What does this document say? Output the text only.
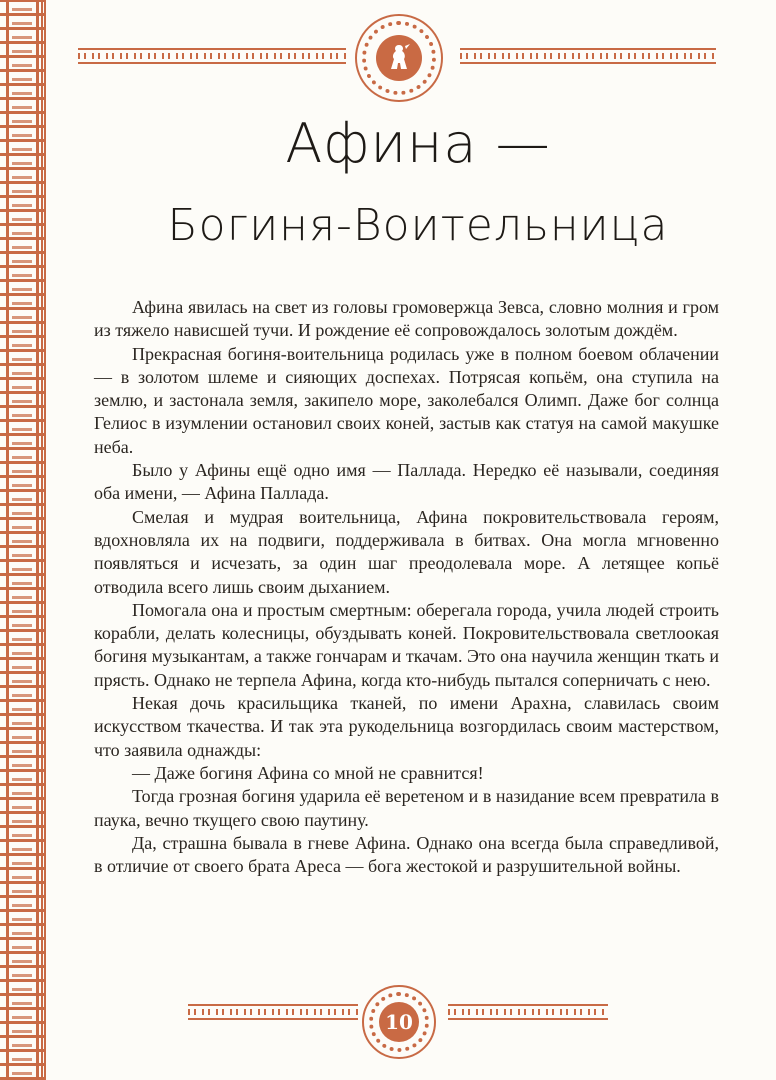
Афина —
Богиня-Воительница

Афина явилась на свет из головы громовержца Зевса, словно молния и гром из тяжело нависшей тучи. И рождение её сопровождалось золотым дождём.

Прекрасная богиня-воительница родилась уже в полном боевом облачении — в золотом шлеме и сияющих доспехах. Потрясая копьём, она ступила на землю, и застонала земля, закипело море, заколебался Олимп. Даже бог солнца Гелиос в изумлении остановил своих коней, застыв как статуя на самой макушке неба.

Было у Афины ещё одно имя — Паллада. Нередко её называли, соединяя оба имени, — Афина Паллада.

Смелая и мудрая воительница, Афина покровительствовала героям, вдохновляла их на подвиги, поддерживала в битвах. Она могла мгновенно появляться и исчезать, за один шаг преодолевала море. А летящее копьё отводила всего лишь своим дыханием.

Помогала она и простым смертным: оберегала города, учила людей строить корабли, делать колесницы, обуздывать коней. Покровительствовала светлоокая богиня музыкантам, а также гончарам и ткачам. Это она научила женщин ткать и прясть. Однако не терпела Афина, когда кто-нибудь пытался соперничать с нею.

Некая дочь красильщика тканей, по имени Арахна, славилась своим искусством ткачества. И так эта рукодельница возгордилась своим мастерством, что заявила однажды:

— Даже богиня Афина со мной не сравнится!

Тогда грозная богиня ударила её веретеном и в назидание всем превратила в паука, вечно ткущего свою паутину.

Да, страшна бывала в гневе Афина. Однако она всегда была справедливой, в отличие от своего брата Ареса — бога жестокой и разрушительной войны.

10
